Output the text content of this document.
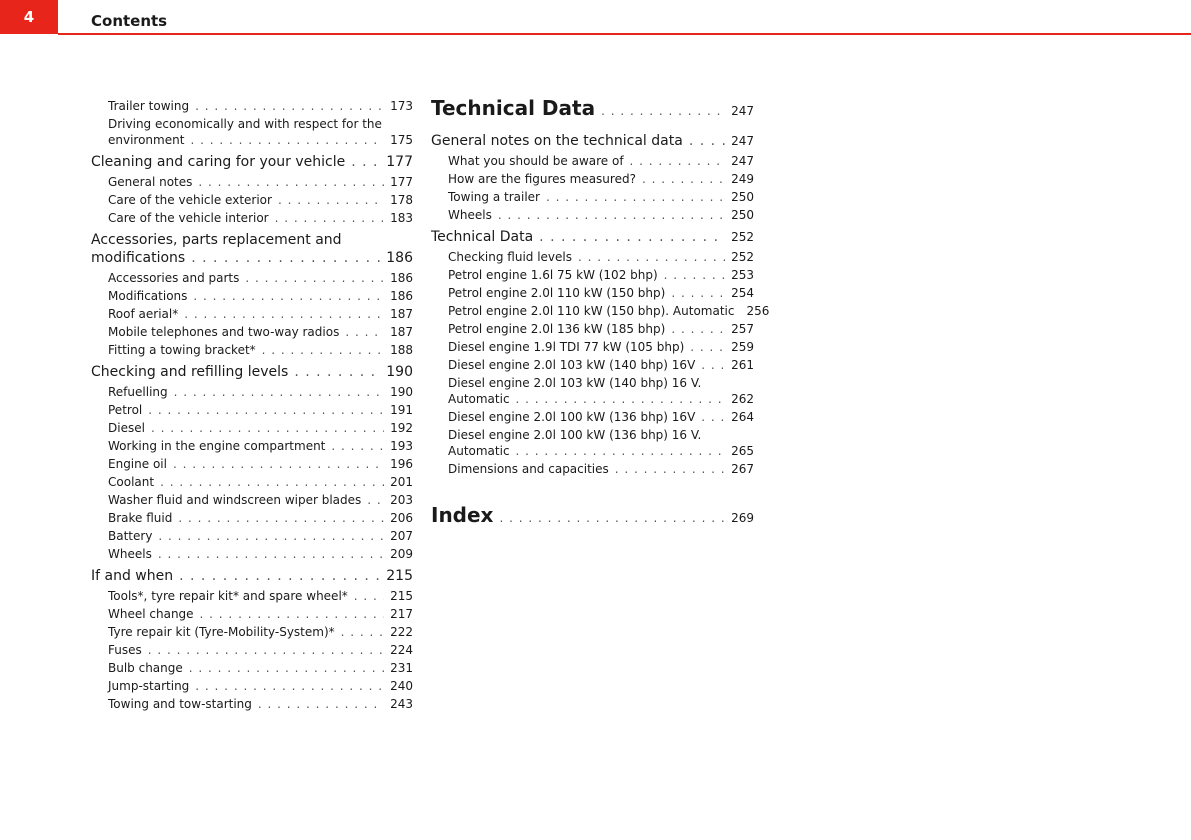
4	Contents
Trailer towing . . .	173
Driving economically and with respect for the
environment . . .	175
Cleaning and caring for your vehicle . . .	177
General notes . . .	177
Care of the vehicle exterior . . .	178
Care of the vehicle interior . . .	183
Accessories, parts replacement and
modifications . . .	186
Accessories and parts . . .	186
Modifications . . .	186
Roof aerial* . . .	187
Mobile telephones and two-way radios . . .	187
Fitting a towing bracket* . . .	188
Checking and refilling levels . . .	190
Refuelling . . .	190
Petrol . . .	191
Diesel . . .	192
Working in the engine compartment . . .	193
Engine oil . . .	196
Coolant . . .	201
Washer fluid and windscreen wiper blades . . . 203
Brake fluid . . .	206
Battery . . .	207
Wheels . . .	209
If and when . . .	215
Tools*, tyre repair kit* and spare wheel* . . .	215
Wheel change . . .	217
Tyre repair kit (Tyre-Mobility-System)* . . .	222
Fuses . . .	224
Bulb change . . .	231
Jump-starting . . .	240
Towing and tow-starting . . .	243
Technical Data . . .	247
General notes on the technical data . . .	247
What you should be aware of . . .	247
How are the figures measured? . . .	249
Towing a trailer . . .	250
Wheels . . .	250
Technical Data . . .	252
Checking fluid levels . . .	252
Petrol engine 1.6l 75 kW (102 bhp) . . .	253
Petrol engine 2.0l 110 kW (150 bhp) . . .	254
Petrol engine 2.0l 110 kW (150 bhp). Automatic 256
Petrol engine 2.0l 136 kW (185 bhp) . . .	257
Diesel engine 1.9l TDI 77 kW (105 bhp) . . .	259
Diesel engine 2.0l 103 kW (140 bhp) 16V . . .	261
Diesel engine 2.0l 103 kW (140 bhp) 16 V.
Automatic . . .	262
Diesel engine 2.0l 100 kW (136 bhp) 16V . . .	264
Diesel engine 2.0l 100 kW (136 bhp) 16 V.
Automatic . . .	265
Dimensions and capacities . . .	267
Index . . .	269
